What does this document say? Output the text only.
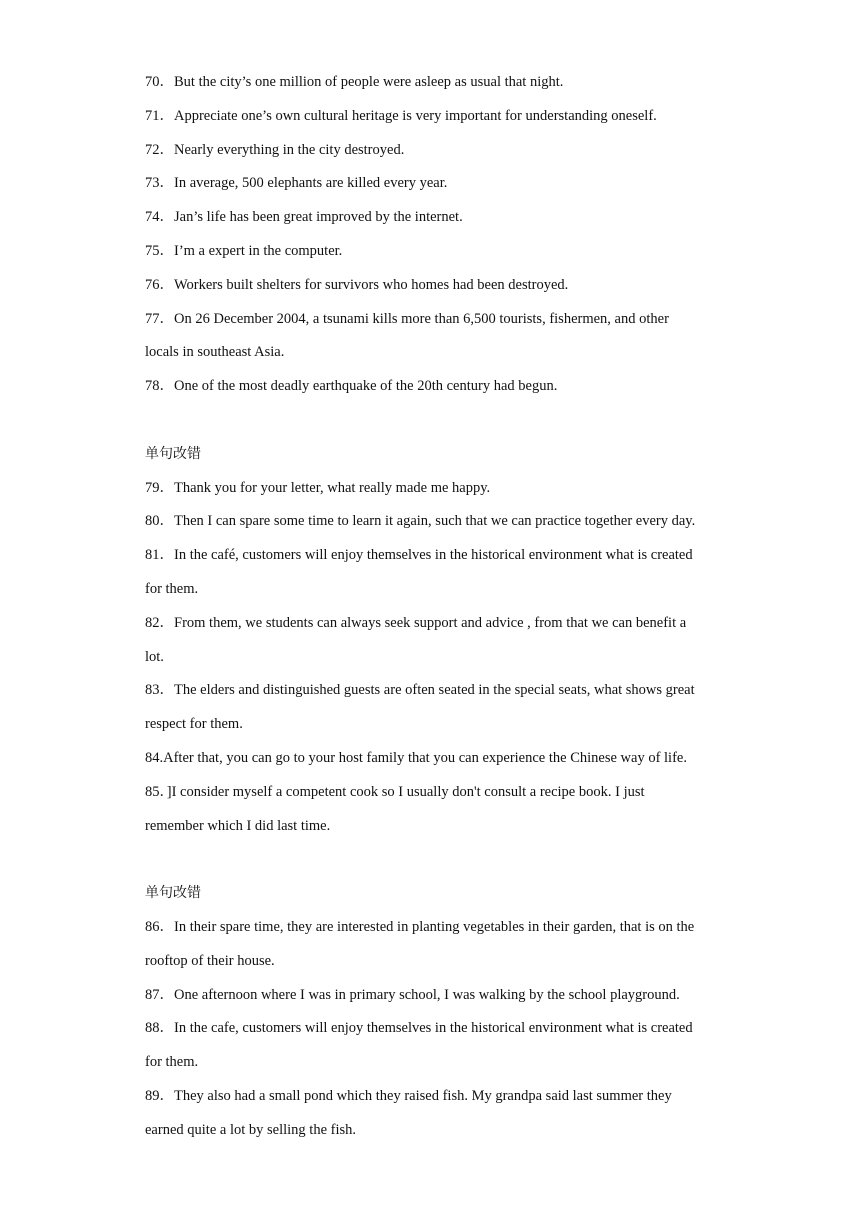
70．But the city’s one million of people were asleep as usual that night.
71．Appreciate one’s own cultural heritage is very important for understanding oneself.
72．Nearly everything in the city destroyed.
73．In average, 500 elephants are killed every year.
74．Jan’s life has been great improved by the internet.
75．I’m a expert in the computer.
76．Workers built shelters for survivors who homes had been destroyed.
77．On 26 December 2004, a tsunami kills more than 6,500 tourists, fishermen, and other
locals in southeast Asia.
78．One of the most deadly earthquake of the 20th century had begun.
单句改错
79．Thank you for your letter, what really made me happy.
80．Then I can spare some time to learn it again, such that we can practice together every day.
81．In the café, customers will enjoy themselves in the historical environment what is created
for them.
82．From them, we students can always seek support and advice , from that we can benefit a
lot.
83．The elders and distinguished guests are often seated in the special seats, what shows great
respect for them.
84.After that, you can go to your host family that you can experience the Chinese way of life.
85．]I consider myself a competent cook so I usually don't consult a recipe book. I just
remember which I did last time.
单句改错
86．In their spare time, they are interested in planting vegetables in their garden, that is on the
rooftop of their house.
87．One afternoon where I was in primary school, I was walking by the school playground.
88．In the cafe, customers will enjoy themselves in the historical environment what is created
for them.
89．They also had a small pond which they raised fish. My grandpa said last summer they
earned quite a lot by selling the fish.
